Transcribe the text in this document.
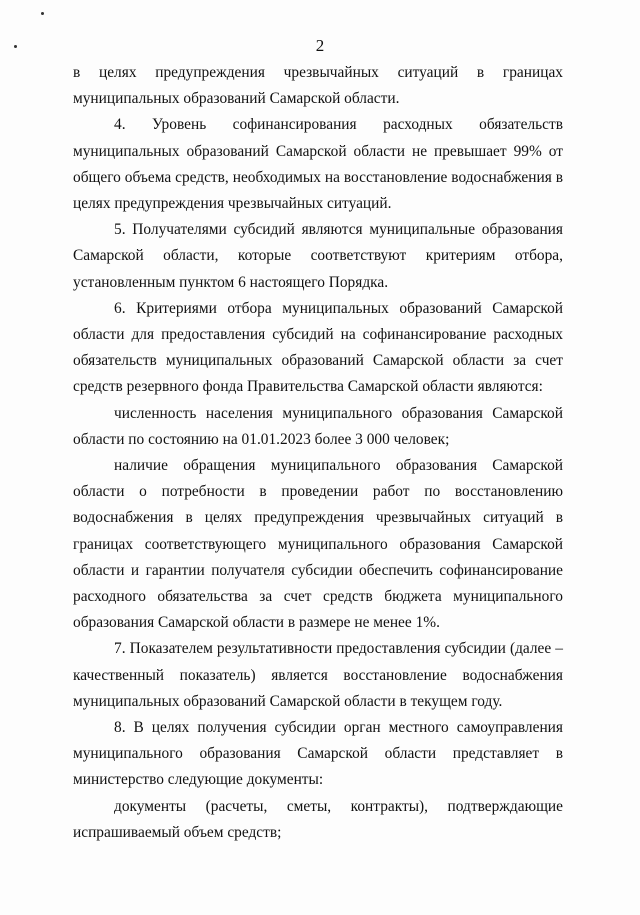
2

в целях предупреждения чрезвычайных ситуаций в границах муниципальных образований Самарской области.

4. Уровень софинансирования расходных обязательств муниципальных образований Самарской области не превышает 99% от общего объема средств, необходимых на восстановление водоснабжения в целях предупреждения чрезвычайных ситуаций.

5. Получателями субсидий являются муниципальные образования Самарской области, которые соответствуют критериям отбора, установленным пунктом 6 настоящего Порядка.

6. Критериями отбора муниципальных образований Самарской области для предоставления субсидий на софинансирование расходных обязательств муниципальных образований Самарской области за счет средств резервного фонда Правительства Самарской области являются:

численность населения муниципального образования Самарской области по состоянию на 01.01.2023 более 3 000 человек;

наличие обращения муниципального образования Самарской области о потребности в проведении работ по восстановлению водоснабжения в целях предупреждения чрезвычайных ситуаций в границах соответствующего муниципального образования Самарской области и гарантии получателя субсидии обеспечить софинансирование расходного обязательства за счет средств бюджета муниципального образования Самарской области в размере не менее 1%.

7. Показателем результативности предоставления субсидии (далее – качественный показатель) является восстановление водоснабжения муниципальных образований Самарской области в текущем году.

8. В целях получения субсидии орган местного самоуправления муниципального образования Самарской области представляет в министерство следующие документы:

документы (расчеты, сметы, контракты), подтверждающие испрашиваемый объем средств;
